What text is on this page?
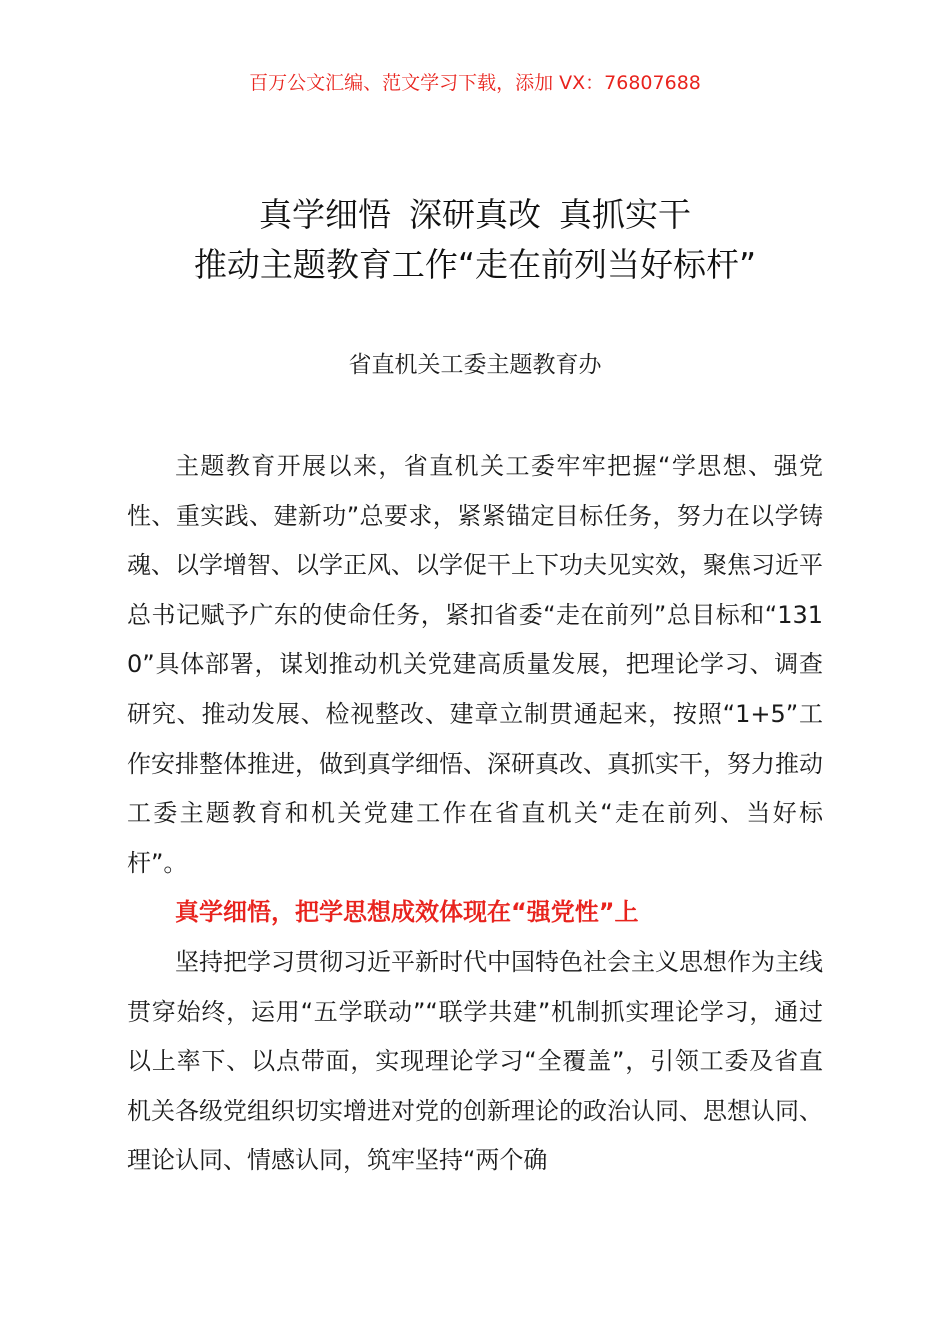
百万公文汇编、范文学习下载，添加 VX：76807688
真学细悟 深研真改 真抓实干
推动主题教育工作“走在前列当好标杆”
省直机关工委主题教育办

主题教育开展以来，省直机关工委牢牢把握“学思想、强党性、重实践、建新功”总要求，紧紧锚定目标任务，努力在以学铸魂、以学增智、以学正风、以学促干上下功夫见实效，聚焦习近平总书记赋予广东的使命任务，紧扣省委“走在前列”总目标和“1310”具体部署，谋划推动机关党建高质量发展，把理论学习、调查研究、推动发展、检视整改、建章立制贯通起来，按照“1+5”工作安排整体推进，做到真学细悟、深研真改、真抓实干，努力推动工委主题教育和机关党建工作在省直机关“走在前列、当好标杆”。

真学细悟，把学思想成效体现在“强党性”上

坚持把学习贯彻习近平新时代中国特色社会主义思想作为主线贯穿始终，运用“五学联动”“联学共建”机制抓实理论学习，通过以上率下、以点带面，实现理论学习“全覆盖”，引领工委及省直机关各级党组织切实增进对党的创新理论的政治认同、思想认同、理论认同、情感认同，筑牢坚持“两个确
